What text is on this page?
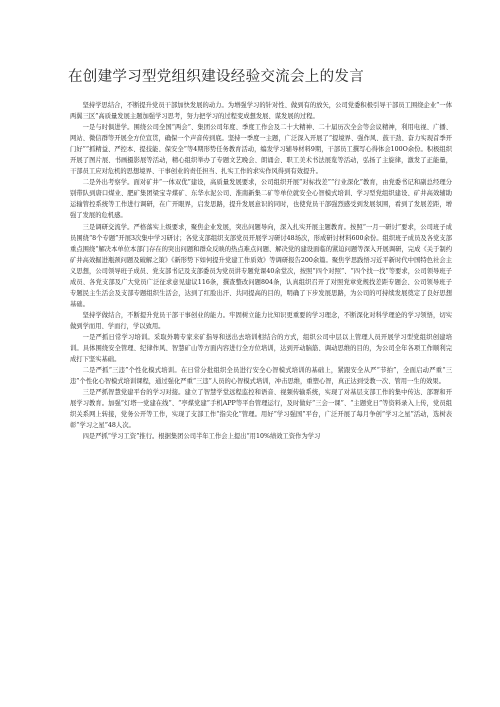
在创建学习型党组织建设经验交流会上的发言

坚持学思结合，不断提升党员干部加快发展的动力。为增强学习的针对性、做到有的放矢，公司党委积极引导干部员工围绕企业“一体两翼三区”高质量发展主题加强学习思考，努力把学习的过程变成想发展、谋发展的过程。

一是与时俱进学。围绕公司全国“两会”、集团公司年度、季度工作会及二十大精神、二十届历次全会等会议精神，利用电视、广播、网站、微信群等开展全方位宣贯，确保一个声音传到底。坚持一季度一主题，广泛深入开展了“提境界、强作风、鼓干劲、奋力实现首季开门好”“抓精益、严控本、提技能、保安全”等4期形势任务教育活动，编发学习辅导材料9期，干部员工撰写心得体会100O余份。积极组织开展了图片展、书画摄影展等活动，精心组织举办了专题文艺晚会、朗诵会、职工美术书法展览等活动，弘扬了主旋律，激发了正能量，干部员工应对危机的思想境界、干事创业的责任担当、扎实工作的求实作风得到有效提升。

二是外出考察学。面对矿井“一体双优”建设，高质量发展要求，公司组织开展“对标找差”“行业深化”教育，由党委书记和副总经理分别带队到唐口煤业、肥矿集团梁宝寺煤矿、东华水泥公司、淮南新集二矿等单位就安全心智模式培训、学习型党组织建设、矿井高效辅助运输管控系统等工作进行调研，在广开眼界，启发思路，提升发展意识的同时，也使党员干部强烈感受到发展氛围，看到了发展差距，增强了发展的危机感。

三是调研交流学。严格落实上级要求，聚焦企业发展，突出问题导向，深入扎实开展主题教育。按照“一月一研讨”要求，公司班子成员围绕“8个专题”开展3次集中学习研讨；各党支部组织支部党员开展学习研讨48场次，形成研讨材料600余份。组织班子成员及各党支部重点围绕“解决本单位本部门存在的突出问题和群众反映的热点难点问题、解决党的建设面临的紧迫问题等深入开展调研，完成《关于制约矿井高效掘进瓶颈问题及破解之策》《新形势下如何提升党建工作质效》等调研报告200余篇。聚焦学思践悟习近平新时代中国特色社会主义思想，公司领导班子成员、党支部书记及支部委员为党员讲专题党课40余堂次，按照“四个对照”、“四个找一找”等要求，公司领导班子成员、各党支部及广大党员广泛征求意见建议116条，撰查整改问题804条，认真组织召开了对照党章党规找差距专题会、公司领导班子专题民主生活会及支部专题组织生活会，达到了红脸出汗、共同提高的目的，明确了下步发展思路，为公司的可持续发展奠定了良好思想基础。

坚持学做结合，不断提升党员干部干事创业的能力。牢固树立能力比知识更重要的学习理念，不断深化对科学理论的学习领悟，切实做到学而用、学而行，学以致用。

一是严抓日常学习培训。采取外聘专家来矿指导和送出去培训相结合的方式，组织公司中层以上管理人员开展学习型党组织创建培训。具体围绕安全管理、纪律作风、智慧矿山等方面内容进行全方位培训，达到开动脑筋、调动思维的目的，为公司全年各项工作顺利完成打下坚实基础。

二是严抓“三违”个性化模式培训。在日常分批组织全员进行安全心智模式培训的基础上，紧跟安全从严“节拍”，全面启动严重“三违”个性化心智模式培训课程，通过强化严重“三违”人员的心智模式培训，冲击思维，重塑心智，真正达到受教一次、管用一生的效果。

三是严抓智慧党建平台的学习对接。建立了智慧学堂远程监控和语音、视频传输系统，实现了对基层支部工作的集中传达、部署和开展学习教育。加强“灯塔一党建在线”、“亭煤党建”手机APP等平台管理运行，及时做好“三会一课”、“主题党日”等资料录入上传，党员组织关系网上转接，党务公开等工作，实现了支部工作“指尖化”管理。用好“学习强国”平台，广泛开展了每月争创“学习之星”活动，选树表彰“学习之星”48人次。

四是严抓“学习工资”推行。根据集团公司半年工作会上提出“用10%绩效工资作为学习
